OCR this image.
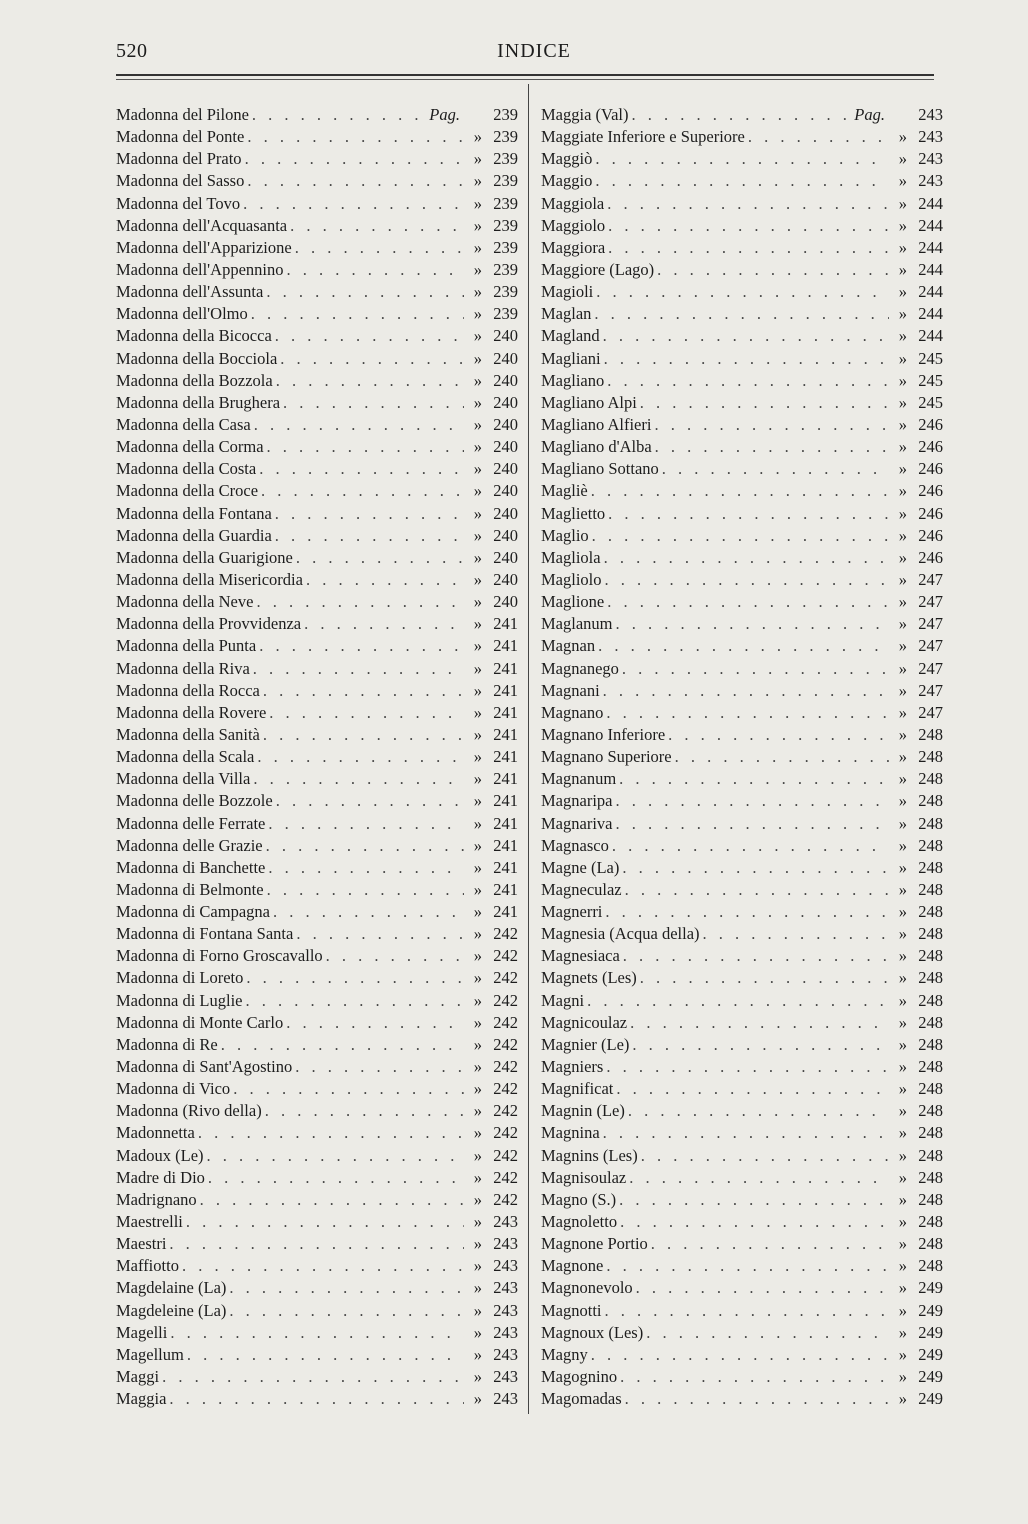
520	INDICE
Madonna del Pilone . . .	Pag.	239
Madonna del Ponte . . .	» 239
Madonna del Prato . . .	» 239
Madonna del Sasso . . .	» 239
Madonna del Tovo . . .	» 239
Madonna dell'Acquasanta . . .	» 239
Madonna dell'Apparizione . . .	» 239
Madonna dell'Appennino . . .	» 239
Madonna dell'Assunta . . .	» 239
Madonna dell'Olmo . . .	» 239
Madonna della Bicocca . . .	» 240
Madonna della Bocciola . . .	» 240
Madonna della Bozzola . . .	» 240
Madonna della Brughera . . .	» 240
Madonna della Casa . . .	» 240
Madonna della Corma . . .	» 240
Madonna della Costa . . .	» 240
Madonna della Croce . . .	» 240
Madonna della Fontana . . .	» 240
Madonna della Guardia . . .	» 240
Madonna della Guarigione . . .	» 240
Madonna della Misericordia . . .	» 240
Madonna della Neve . . .	» 240
Madonna della Provvidenza . . .	» 241
Madonna della Punta . . .	» 241
Madonna della Riva . . .	» 241
Madonna della Rocca . . .	» 241
Madonna della Rovere . . .	» 241
Madonna della Sanità . . .	» 241
Madonna della Scala . . .	» 241
Madonna della Villa . . .	» 241
Madonna delle Bozzole . . .	» 241
Madonna delle Ferrate . . .	» 241
Madonna delle Grazie . . .	» 241
Madonna di Banchette . . .	» 241
Madonna di Belmonte . . .	» 241
Madonna di Campagna . . .	» 241
Madonna di Fontana Santa . . .	» 242
Madonna di Forno Groscavallo . . .	» 242
Madonna di Loreto . . .	» 242
Madonna di Luglie . . .	» 242
Madonna di Monte Carlo . . .	» 242
Madonna di Re . . .	» 242
Madonna di Sant'Agostino . . .	» 242
Madonna di Vico . . .	» 242
Madonna (Rivo della) . . .	» 242
Madonnetta . . .	» 242
Madoux (Le) . . .	» 242
Madre di Dio . . .	» 242
Madrignano . . .	» 242
Maestrelli . . .	» 243
Maestri . . .	» 243
Maffiotto . . .	» 243
Magdelaine (La) . . .	» 243
Magdeleine (La) . . .	» 243
Magelli . . .	» 243
Magellum . . .	» 243
Maggi . . .	» 243
Maggia . . .	» 243
Maggia (Val) . . .	Pag.	243
Maggiate Inferiore e Superiore . . .	» 243
Maggiò . . .	» 243
Maggio . . .	» 243
Maggiola . . .	» 244
Maggiolo . . .	» 244
Maggiora . . .	» 244
Maggiore (Lago) . . .	» 244
Magioli . . .	» 244
Maglan . . .	» 244
Magland . . .	» 244
Magliani . . .	» 245
Magliano . . .	» 245
Magliano Alpi . . .	» 245
Magliano Alfieri . . .	» 246
Magliano d'Alba . . .	» 246
Magliano Sottano . . .	» 246
Magliè . . .	» 246
Maglietto . . .	» 246
Maglio . . .	» 246
Magliola . . .	» 246
Magliolo . . .	» 247
Maglione . . .	» 247
Maglanum . . .	» 247
Magnan . . .	» 247
Magnanego . . .	» 247
Magnani . . .	» 247
Magnano . . .	» 247
Magnano Inferiore . . .	» 248
Magnano Superiore . . .	» 248
Magnanum . . .	» 248
Magnaripa . . .	» 248
Magnariva . . .	» 248
Magnasco . . .	» 248
Magne (La) . . .	» 248
Magneculaz . . .	» 248
Magnerri . . .	» 248
Magnesia (Acqua della) . . .	» 248
Magnesiaca . . .	» 248
Magnets (Les) . . .	» 248
Magni . . .	» 248
Magnicoulaz . . .	» 248
Magnier (Le) . . .	» 248
Magniers . . .	» 248
Magnificat . . .	» 248
Magnin (Le) . . .	» 248
Magnina . . .	» 248
Magnins (Les) . . .	» 248
Magnisoulaz . . .	» 248
Magno (S.) . . .	» 248
Magnoletto . . .	» 248
Magnone Portio . . .	» 248
Magnone . . .	» 248
Magnonevolo . . .	» 249
Magnotti . . .	» 249
Magnoux (Les) . . .	» 249
Magny . . .	» 249
Magognino . . .	» 249
Magomadas . . .	» 249
